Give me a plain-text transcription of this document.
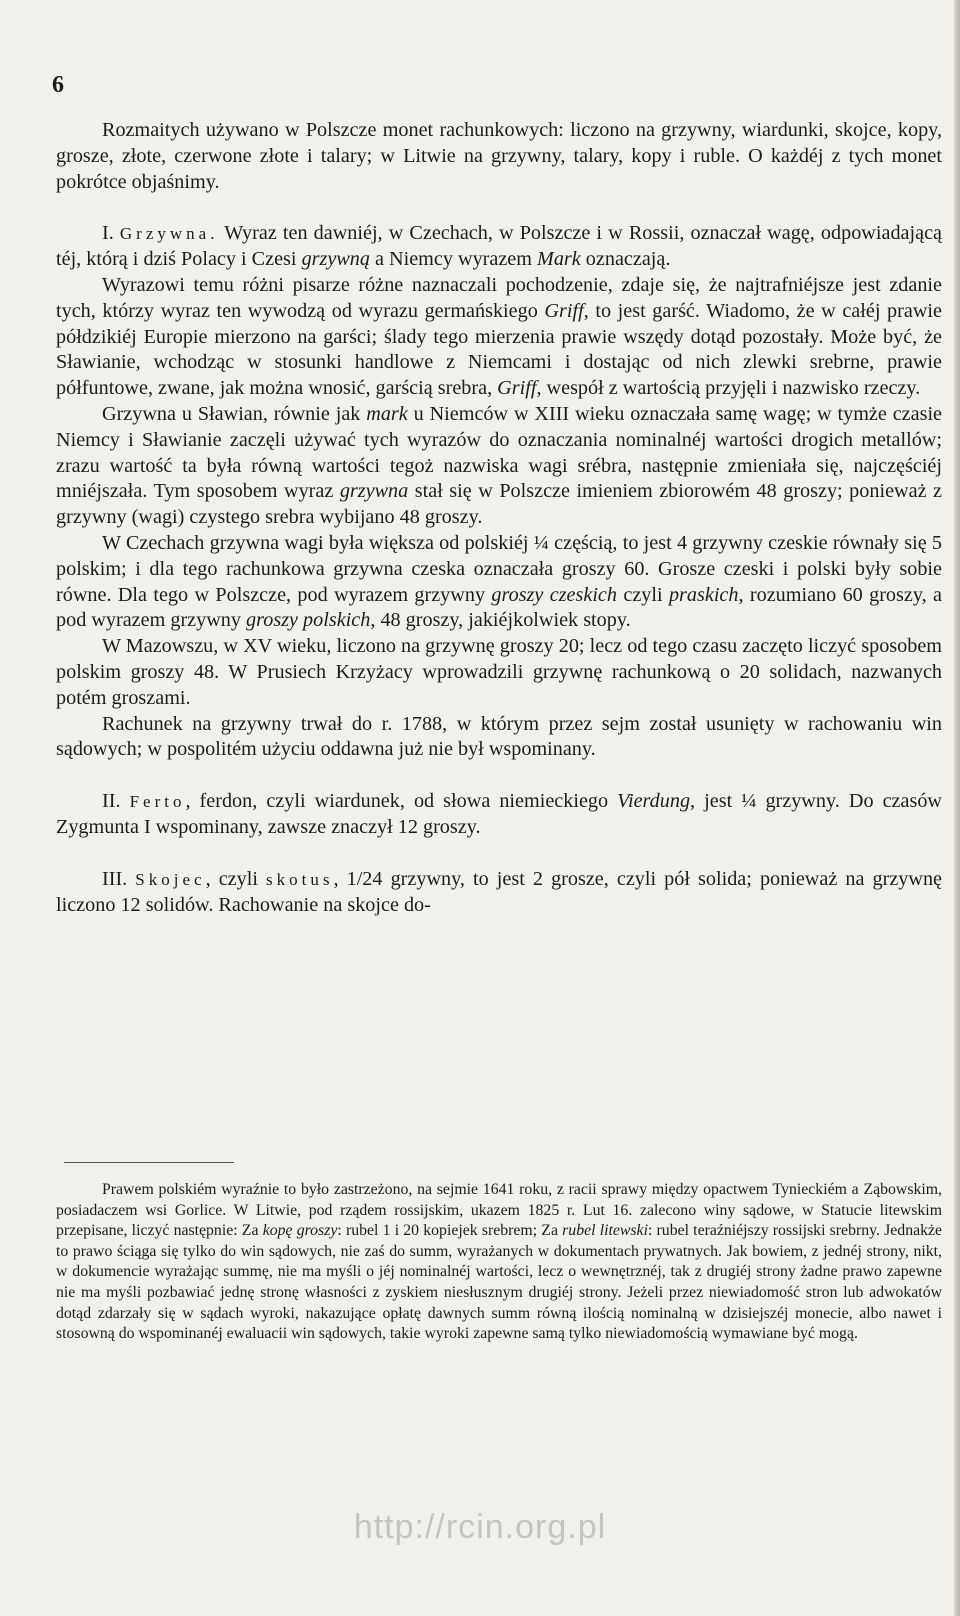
6

Rozmaitych używano w Polszcze monet rachunkowych: liczono na grzywny, wiardunki, skojce, kopy, grosze, złote, czerwone złote i talary; w Litwie na grzywny, talary, kopy i ruble. O każdéj z tych monet pokrótce objaśnimy.

I. Grzywna. Wyraz ten dawniéj, w Czechach, w Polszcze i w Rossii, oznaczał wagę, odpowiadającą téj, którą i dziś Polacy i Czesi grzywną a Niemcy wyrazem Mark oznaczają.

Wyrazowi temu różni pisarze różne naznaczali pochodzenie, zdaje się, że najtrafniéjsze jest zdanie tych, którzy wyraz ten wywodzą od wyrazu germańskiego Griff, to jest garść. Wiadomo, że w całéj prawie półdzikiéj Europie mierzono na garści; ślady tego mierzenia prawie wszędy dotąd pozostały. Może być, że Sławianie, wchodząc w stosunki handlowe z Niemcami i dostając od nich zlewki srebrne, prawie półfuntowe, zwane, jak można wnosić, garścią srebra, Griff, wespół z wartością przyjęli i nazwisko rzeczy.

Grzywna u Sławian, równie jak mark u Niemców w XIII wieku oznaczała samę wagę; w tymże czasie Niemcy i Sławianie zaczęli używać tych wyrazów do oznaczania nominalnéj wartości drogich metallów; zrazu wartość ta była równą wartości tegoż nazwiska wagi srébra, następnie zmieniała się, najczęściéj mniéjszała. Tym sposobem wyraz grzywna stał się w Polszcze imieniem zbiorowém 48 groszy; ponieważ z grzywny (wagi) czystego srebra wybijano 48 groszy.

W Czechach grzywna wagi była większa od polskiéj ¼ częścią, to jest 4 grzywny czeskie równały się 5 polskim; i dla tego rachunkowa grzywna czeska oznaczała groszy 60. Grosze czeski i polski były sobie równe. Dla tego w Polszcze, pod wyrazem grzywny groszy czeskich czyli praskich, rozumiano 60 groszy, a pod wyrazem grzywny groszy polskich, 48 groszy, jakiéjkolwiek stopy.

W Mazowszu, w XV wieku, liczono na grzywnę groszy 20; lecz od tego czasu zaczęto liczyć sposobem polskim groszy 48. W Prusiech Krzyżacy wprowadzili grzywnę rachunkową o 20 solidach, nazwanych potém groszami.

Rachunek na grzywny trwał do r. 1788, w którym przez sejm został usunięty w rachowaniu win sądowych; w pospolitém użyciu oddawna już nie był wspominany.

II. Ferto, ferdon, czyli wiardunek, od słowa niemieckiego Vierdung, jest ¼ grzywny. Do czasów Zygmunta I wspominany, zawsze znaczył 12 groszy.

III. Skojec, czyli skotus, 1/24 grzywny, to jest 2 grosze, czyli pół solida; ponieważ na grzywnę liczono 12 solidów. Rachowanie na skojce do-

Prawem polskiém wyraźnie to było zastrzeżono, na sejmie 1641 roku, z racii sprawy między opactwem Tynieckiém a Ząbowskim, posiadaczem wsi Gorlice. W Litwie, pod rządem rossijskim, ukazem 1825 r. Lut 16. zalecono winy sądowe, w Statucie litewskim przepisane, liczyć następnie: Za kopę groszy: rubel 1 i 20 kopiejek srebrem; Za rubel litewski: rubel teraźniéjszy rossijski srebrny. Jednakże to prawo ściąga się tylko do win sądowych, nie zaś do summ, wyrażanych w dokumentach prywatnych. Jak bowiem, z jednéj strony, nikt, w dokumencie wyrażając summę, nie ma myśli o jéj nominalnéj wartości, lecz o wewnętrznéj, tak z drugiéj strony żadne prawo zapewne nie ma myśli pozbawiać jednę stronę własności z zyskiem niesłusznym drugiéj strony. Jeżeli przez niewiadomość stron lub adwokatów dotąd zdarzały się w sądach wyroki, nakazujące opłatę dawnych summ równą ilością nominalną w dzisiejszéj monecie, albo nawet i stosowną do wspominanéj ewaluacii win sądowych, takie wyroki zapewne samą tylko niewiadomością wymawiane być mogą.

http://rcin.org.pl
